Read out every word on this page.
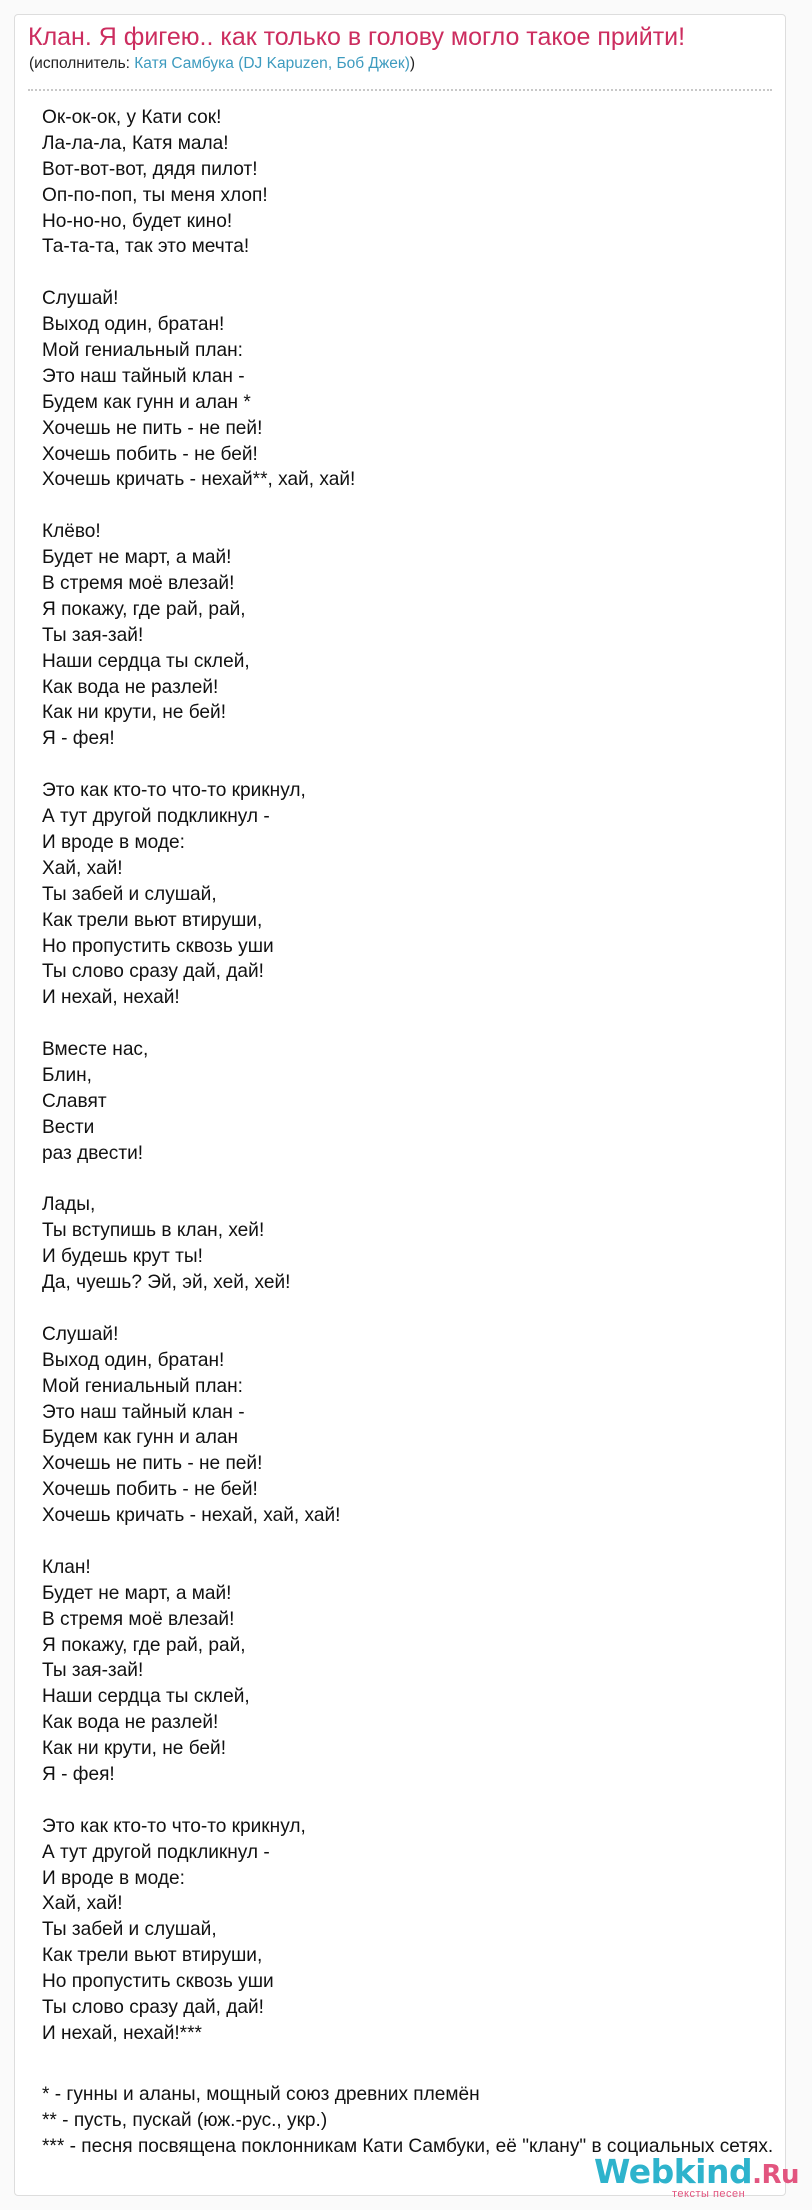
Клан. Я фигею.. как только в голову могло такое прийти!

(исполнитель: Катя Самбука (DJ Kapuzen, Боб Джек))

Ок-ок-ок, у Кати сок!
Ла-ла-ла, Катя мала!
Вот-вот-вот, дядя пилот!
Оп-по-поп, ты меня хлоп!
Но-но-но, будет кино!
Та-та-та, так это мечта!
Слушай!
Выход один, братан!
Мой гениальный план:
Это наш тайный клан -
Будем как гунн и алан *
Хочешь не пить - не пей!
Хочешь побить - не бей!
Хочешь кричать - нехай**, хай, хай!
Клёво!
Будет не март, а май!
В стремя моё влезай!
Я покажу, где рай, рай,
Ты зая-зай!
Наши сердца ты склей,
Как вода не разлей!
Как ни крути, не бей!
Я - фея!
Это как кто-то что-то крикнул,
А тут другой подкликнул -
И вроде в моде:
Хай, хай!
Ты забей и слушай,
Как трели вьют втируши,
Но пропустить сквозь уши
Ты слово сразу дай, дай!
И нехай, нехай!
Вместе нас,
Блин,
Славят
Вести
раз двести!
Лады,
Ты вступишь в клан, хей!
И будешь крут ты!
Да, чуешь? Эй, эй, хей, хей!
Слушай!
Выход один, братан!
Мой гениальный план:
Это наш тайный клан -
Будем как гунн и алан
Хочешь не пить - не пей!
Хочешь побить - не бей!
Хочешь кричать - нехай, хай, хай!
Клан!
Будет не март, а май!
В стремя моё влезай!
Я покажу, где рай, рай,
Ты зая-зай!
Наши сердца ты склей,
Как вода не разлей!
Как ни крути, не бей!
Я - фея!
Это как кто-то что-то крикнул,
А тут другой подкликнул -
И вроде в моде:
Хай, хай!
Ты забей и слушай,
Как трели вьют втируши,
Но пропустить сквозь уши
Ты слово сразу дай, дай!
И нехай, нехай!***
* - гунны и аланы, мощный союз древних племён
** - пусть, пускай (юж.-рус., укр.)
*** - песня посвящена поклонникам Кати Самбуки, её "клану" в социальных сетях.
Webkind.Ru
тексты песен
